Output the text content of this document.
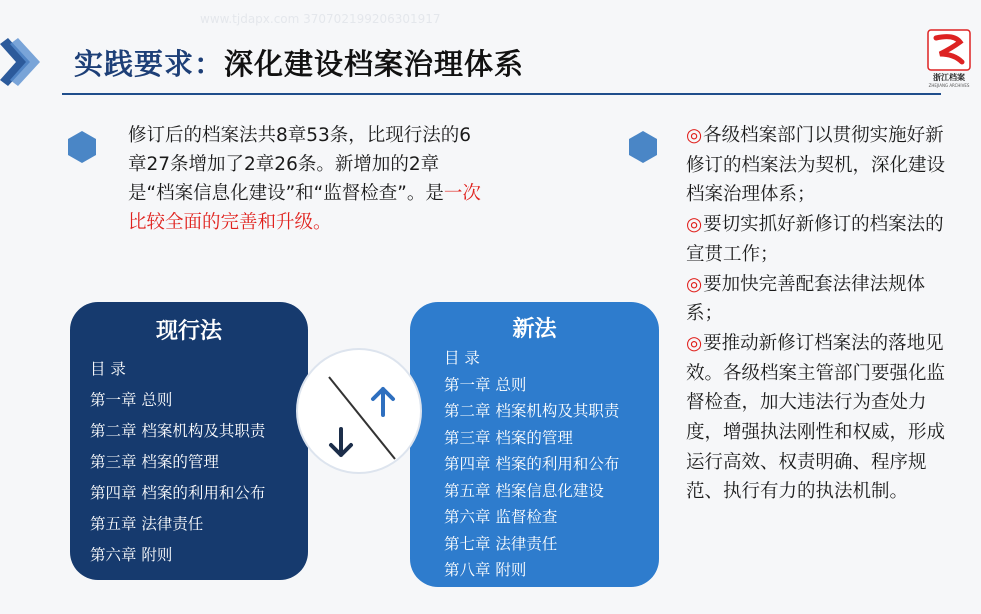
www.tjdapx.com 370702199206301917
实践要求：深化建设档案治理体系	浙江档案
ZHEJIANG ARCHIVES
修订后的档案法共8章53条，比现行法的6章27条增加了2章26条。新增加的2章是“档案信息化建设”和“监督检查”。是一次比较全面的完善和升级。
现行法
目 录
第一章 总则
第二章 档案机构及其职责
第三章 档案的管理
第四章 档案的利用和公布
第五章 法律责任
第六章 附则
新法
目 录
第一章 总则
第二章 档案机构及其职责
第三章 档案的管理
第四章 档案的利用和公布
第五章 档案信息化建设
第六章 监督检查
第七章 法律责任
第八章 附则
◎各级档案部门以贯彻实施好新修订的档案法为契机，深化建设档案治理体系；
◎要切实抓好新修订的档案法的宣贯工作；
◎要加快完善配套法律法规体系；
◎要推动新修订档案法的落地见效。各级档案主管部门要强化监督检查，加大违法行为查处力度，增强执法刚性和权威，形成运行高效、权责明确、程序规范、执行有力的执法机制。
